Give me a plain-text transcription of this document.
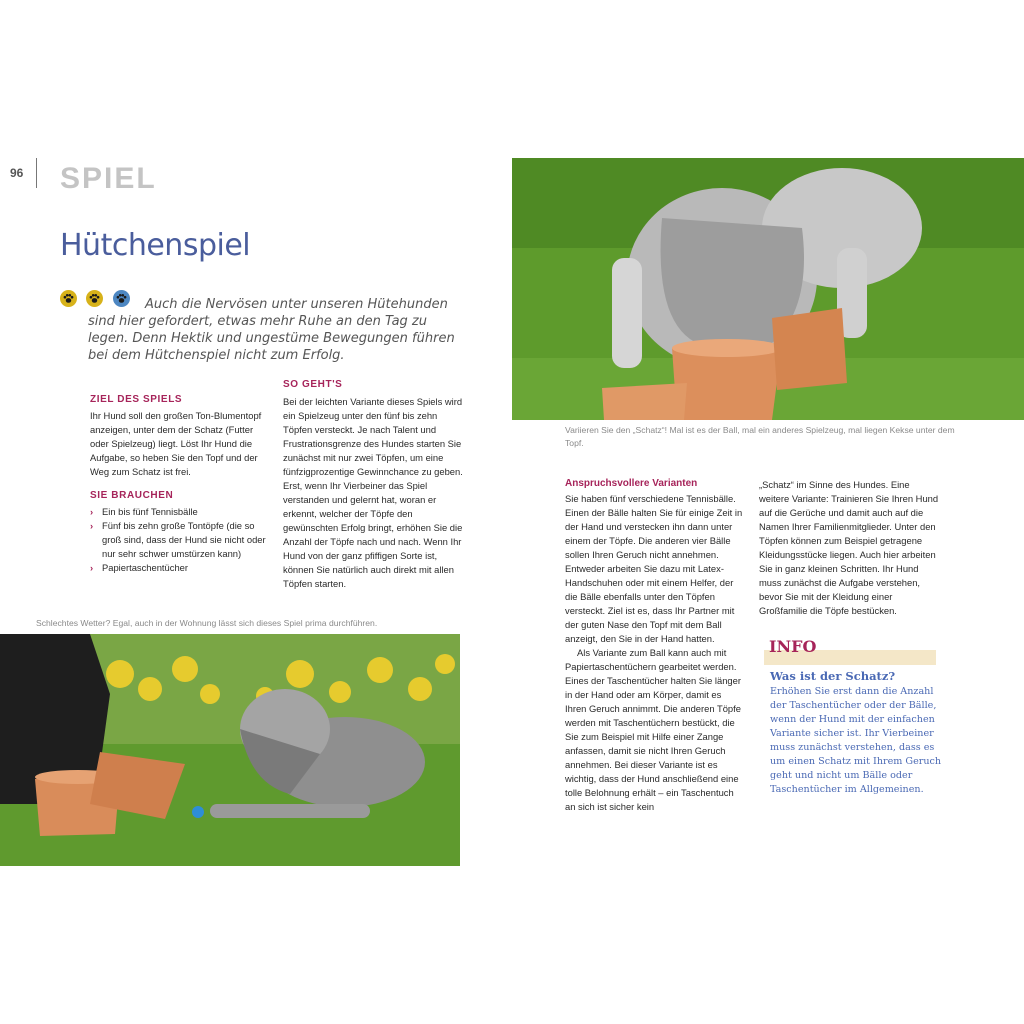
96 SPIEL
Hütchenspiel
Auch die Nervösen unter unseren Hütehunden sind hier gefordert, etwas mehr Ruhe an den Tag zu legen. Denn Hektik und ungestüme Bewegungen führen bei dem Hütchenspiel nicht zum Erfolg.
ZIEL DES SPIELS
Ihr Hund soll den großen Ton-Blumentopf anzeigen, unter dem der Schatz (Futter oder Spielzeug) liegt. Löst Ihr Hund die Aufgabe, so heben Sie den Topf und der Weg zum Schatz ist frei.
SIE BRAUCHEN
› Ein bis fünf Tennisbälle
› Fünf bis zehn große Tontöpfe (die so groß sind, dass der Hund sie nicht oder nur sehr schwer umstürzen kann)
› Papiertaschentücher
SO GEHT'S
Bei der leichten Variante dieses Spiels wird ein Spielzeug unter den fünf bis zehn Töpfen versteckt. Je nach Talent und Frustrationsgrenze des Hundes starten Sie zunächst mit nur zwei Töpfen, um eine fünfzigprozentige Gewinnchance zu geben. Erst, wenn Ihr Vierbeiner das Spiel verstanden und gelernt hat, woran er erkennt, welcher der Töpfe den gewünschten Erfolg bringt, erhöhen Sie die Anzahl der Töpfe nach und nach. Wenn Ihr Hund von der ganz pfiffigen Sorte ist, können Sie natürlich auch direkt mit allen Töpfen starten.
Schlechtes Wetter? Egal, auch in der Wohnung lässt sich dieses Spiel prima durchführen.
Variieren Sie den „Schatz“! Mal ist es der Ball, mal ein anderes Spielzeug, mal liegen Kekse unter dem Topf.
Anspruchsvollere Varianten

Sie haben fünf verschiedene Tennisbälle. Einen der Bälle halten Sie für einige Zeit in der Hand und verstecken ihn dann unter einem der Töpfe. Die anderen vier Bälle sollen Ihren Geruch nicht annehmen. Entweder arbeiten Sie dazu mit Latex-Handschuhen oder mit einem Helfer, der die Bälle ebenfalls unter den Töpfen versteckt. Ziel ist es, dass Ihr Partner mit der guten Nase den Topf mit dem Ball anzeigt, den Sie in der Hand hatten.

Als Variante zum Ball kann auch mit Papiertaschentüchern gearbeitet werden. Eines der Taschentücher halten Sie länger in der Hand oder am Körper, damit es Ihren Geruch annimmt. Die anderen Töpfe werden mit Taschentüchern bestückt, die Sie zum Beispiel mit Hilfe einer Zange anfassen, damit sie nicht Ihren Geruch annehmen. Bei dieser Variante ist es wichtig, dass der Hund anschließend eine tolle Belohnung erhält – ein Taschentuch an sich ist sicher kein

„Schatz“ im Sinne des Hundes. Eine weitere Variante: Trainieren Sie Ihren Hund auf die Gerüche und damit auch auf die Namen Ihrer Familienmitglieder. Unter den Töpfen können zum Beispiel getragene Kleidungsstücke liegen. Auch hier arbeiten Sie in ganz kleinen Schritten. Ihr Hund muss zunächst die Aufgabe verstehen, bevor Sie mit der Kleidung einer Großfamilie die Töpfe bestücken.
INFO
Was ist der Schatz?
Erhöhen Sie erst dann die Anzahl der Taschentücher oder der Bälle, wenn der Hund mit der einfachen Variante sicher ist. Ihr Vierbeiner muss zunächst verstehen, dass es um einen Schatz mit Ihrem Geruch geht und nicht um Bälle oder Taschentücher im Allgemeinen.
